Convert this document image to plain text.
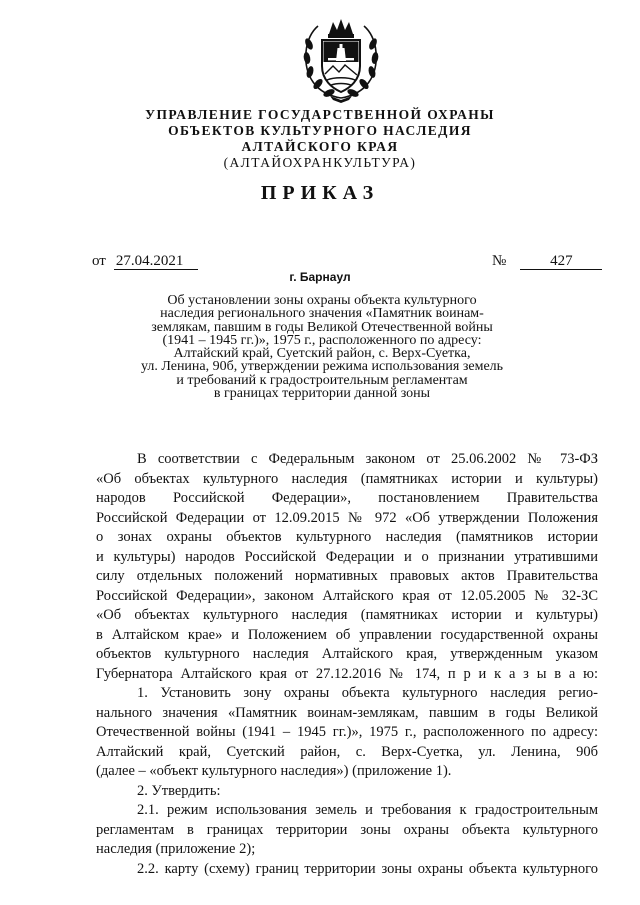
УПРАВЛЕНИЕ ГОСУДАРСТВЕННОЙ ОХРАНЫ
ОБЪЕКТОВ КУЛЬТУРНОГО НАСЛЕДИЯ
АЛТАЙСКОГО КРАЯ
(АЛТАЙОХРАНКУЛЬТУРА)
ПРИКАЗ
от 27.04.2021	№	427
г. Барнаул
Об установлении зоны охраны объекта культурного
наследия регионального значения «Памятник воинам-
землякам, павшим в годы Великой Отечественной войны
(1941 – 1945 гг.)», 1975 г., расположенного по адресу:
Алтайский край, Суетский район, с. Верх-Суетка,
ул. Ленина, 90б, утверждении режима использования земель
и требований к градостроительным регламентам
в границах территории данной зоны
В соответствии с Федеральным законом от 25.06.2002 № 73-ФЗ
«Об объектах культурного наследия (памятниках истории и культуры)
народов Российской Федерации», постановлением Правительства
Российской Федерации от 12.09.2015 № 972 «Об утверждении Положения
о зонах охраны объектов культурного наследия (памятников истории
и культуры) народов Российской Федерации и о признании утратившими
силу отдельных положений нормативных правовых актов Правительства
Российской Федерации», законом Алтайского края от 12.05.2005 № 32-ЗС
«Об объектах культурного наследия (памятниках истории и культуры)
в Алтайском крае» и Положением об управлении государственной охраны
объектов культурного наследия Алтайского края, утвержденным указом
Губернатора Алтайского края от 27.12.2016 № 174, п р и к а з ы в а ю:
1. Установить зону охраны объекта культурного наследия регио-
нального значения «Памятник воинам-землякам, павшим в годы Великой
Отечественной войны (1941 – 1945 гг.)», 1975 г., расположенного по адресу:
Алтайский край, Суетский район, с. Верх-Суетка, ул. Ленина, 90б
(далее – «объект культурного наследия») (приложение 1).
2. Утвердить:
2.1. режим использования земель и требования к градостроительным
регламентам в границах территории зоны охраны объекта культурного
наследия (приложение 2);
2.2. карту (схему) границ территории зоны охраны объекта культурного
